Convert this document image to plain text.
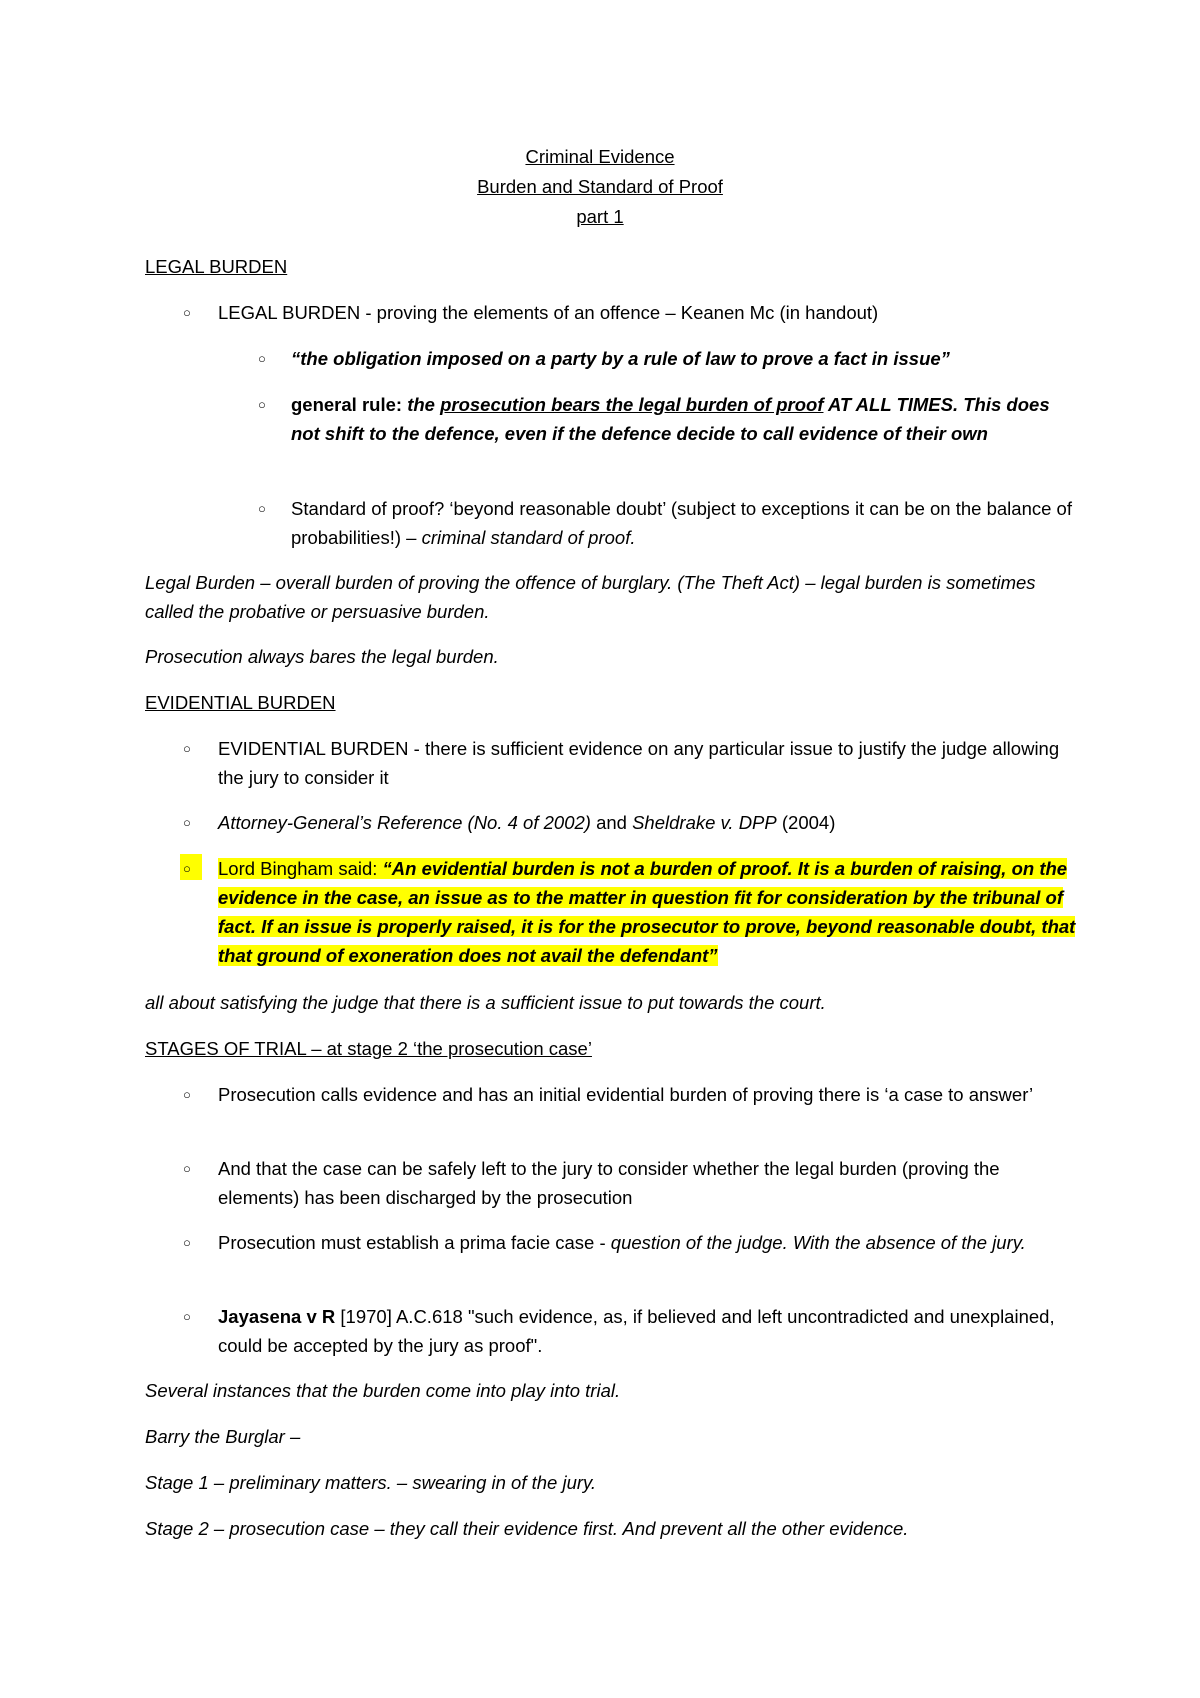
Criminal Evidence
Burden and Standard of Proof
part 1
LEGAL BURDEN
○ LEGAL BURDEN - proving the elements of an offence – Keanen Mc (in handout)
○ “the obligation imposed on a party by a rule of law to prove a fact in issue”
○ general rule: the prosecution bears the legal burden of proof AT ALL TIMES. This does not shift to the defence, even if the defence decide to call evidence of their own
○ Standard of proof? ‘beyond reasonable doubt’ (subject to exceptions it can be on the balance of probabilities!) – criminal standard of proof.
Legal Burden – overall burden of proving the offence of burglary. (The Theft Act) – legal burden is sometimes called the probative or persuasive burden.
Prosecution always bares the legal burden.
EVIDENTIAL BURDEN
○ EVIDENTIAL BURDEN - there is sufficient evidence on any particular issue to justify the judge allowing the jury to consider it
○ Attorney-General’s Reference (No. 4 of 2002) and Sheldrake v. DPP (2004)
○ Lord Bingham said: “An evidential burden is not a burden of proof. It is a burden of raising, on the evidence in the case, an issue as to the matter in question fit for consideration by the tribunal of fact. If an issue is properly raised, it is for the prosecutor to prove, beyond reasonable doubt, that that ground of exoneration does not avail the defendant”
all about satisfying the judge that there is a sufficient issue to put towards the court.
STAGES OF TRIAL – at stage 2 ‘the prosecution case’
○ Prosecution calls evidence and has an initial evidential burden of proving there is ‘a case to answer’
○ And that the case can be safely left to the jury to consider whether the legal burden (proving the elements) has been discharged by the prosecution
○ Prosecution must establish a prima facie case - question of the judge. With the absence of the jury.
○ Jayasena v R [1970] A.C.618 "such evidence, as, if believed and left uncontradicted and unexplained, could be accepted by the jury as proof".
Several instances that the burden come into play into trial.
Barry the Burglar –
Stage 1 – preliminary matters. – swearing in of the jury.
Stage 2 – prosecution case – they call their evidence first. And prevent all the other evidence.
